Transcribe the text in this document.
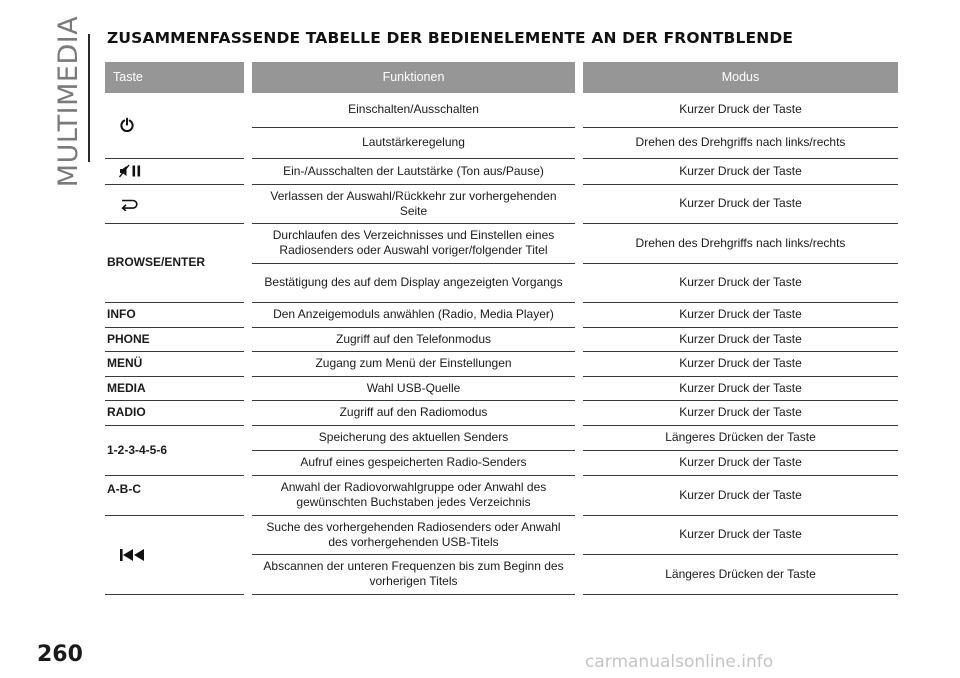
MULTIMEDIA ZUSAMMENFASSENDE TABELLE DER BEDIENELEMENTE AN DER FRONTBLENDE
Taste		Funktionen		Modus
		Einschalten/Ausschalten		Kurzer Druck der Taste
		Lautstärkeregelung		Drehen des Drehgriffs nach links/rechts
		Ein-/Ausschalten der Lautstärke (Ton aus/Pause)		Kurzer Druck der Taste
		Verlassen der Auswahl/Rückkehr zur vorhergehenden Seite		Kurzer Druck der Taste
BROWSE/ENTER		Durchlaufen des Verzeichnisses und Einstellen eines Radiosenders oder Auswahl voriger/folgender Titel		Drehen des Drehgriffs nach links/rechts
		Bestätigung des auf dem Display angezeigten Vorgangs		Kurzer Druck der Taste
INFO		Den Anzeigemoduls anwählen (Radio, Media Player)		Kurzer Druck der Taste
PHONE		Zugriff auf den Telefonmodus		Kurzer Druck der Taste
MENÜ		Zugang zum Menü der Einstellungen		Kurzer Druck der Taste
MEDIA		Wahl USB-Quelle		Kurzer Druck der Taste
RADIO		Zugriff auf den Radiomodus		Kurzer Druck der Taste
1-2-3-4-5-6		Speicherung des aktuellen Senders		Längeres Drücken der Taste
		Aufruf eines gespeicherten Radio-Senders		Kurzer Druck der Taste
A-B-C		Anwahl der Radiovorwahlgruppe oder Anwahl des gewünschten Buchstaben jedes Verzeichnis		Kurzer Druck der Taste
		Suche des vorhergehenden Radiosenders oder Anwahl des vorhergehenden USB-Titels		Kurzer Druck der Taste
		Abscannen der unteren Frequenzen bis zum Beginn des vorherigen Titels		Längeres Drücken der Taste
260	carmanualsonline.info
